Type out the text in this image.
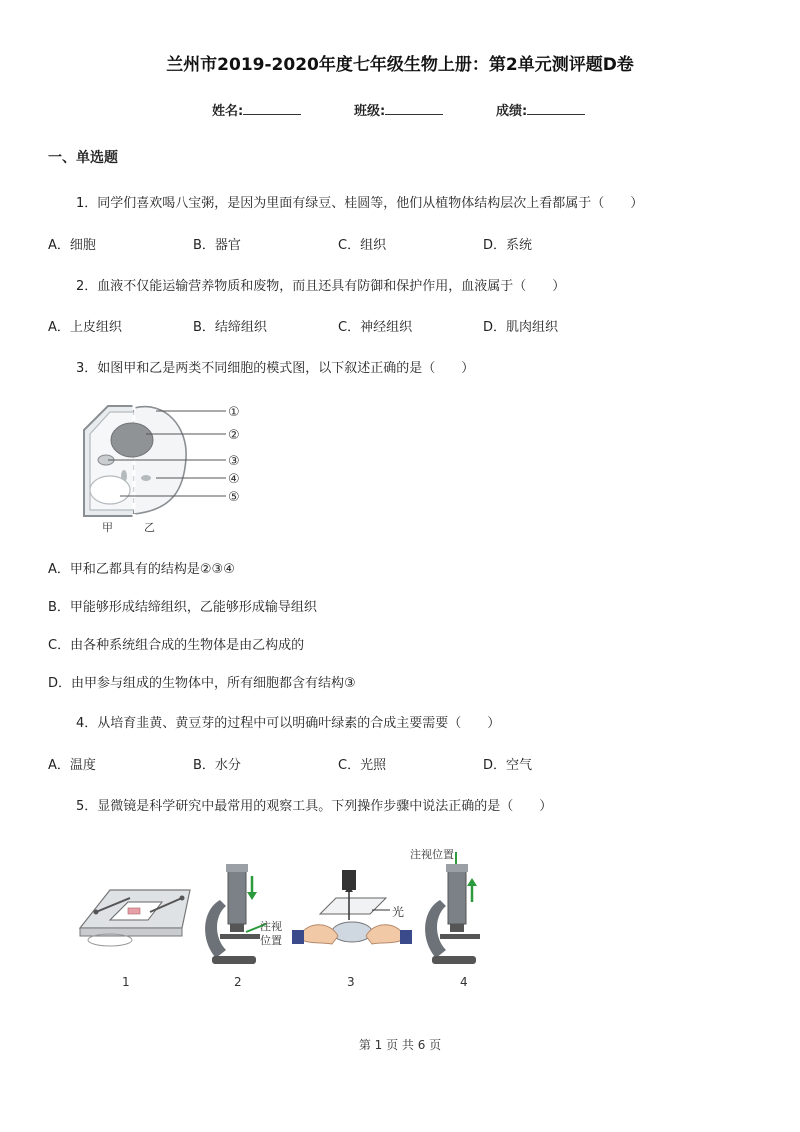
兰州市2019-2020年度七年级生物上册：第2单元测评题D卷
姓名:	班级:	成绩:
一、单选题
1．同学们喜欢喝八宝粥，是因为里面有绿豆、桂圆等，他们从植物体结构层次上看都属于（　　）
A．细胞	B．器官	C．组织	D．系统
2．血液不仅能运输营养物质和废物，而且还具有防御和保护作用，血液属于（　　）
A．上皮组织	B．结缔组织	C．神经组织	D．肌肉组织
3．如图甲和乙是两类不同细胞的模式图，以下叙述正确的是（　　）
①
②
③
④
⑤
甲	乙
A．甲和乙都具有的结构是②③④
B．甲能够形成结缔组织，乙能够形成输导组织
C．由各种系统组合成的生物体是由乙构成的
D．由甲参与组成的生物体中，所有细胞都含有结构③
4．从培育韭黄、黄豆芽的过程中可以明确叶绿素的合成主要需要（　　）
A．温度	B．水分	C．光照	D．空气
5．显微镜是科学研究中最常用的观察工具。下列操作步骤中说法正确的是（　　）
注视
位置
光
注视位置
1	2	3	4
第 1 页 共 6 页
